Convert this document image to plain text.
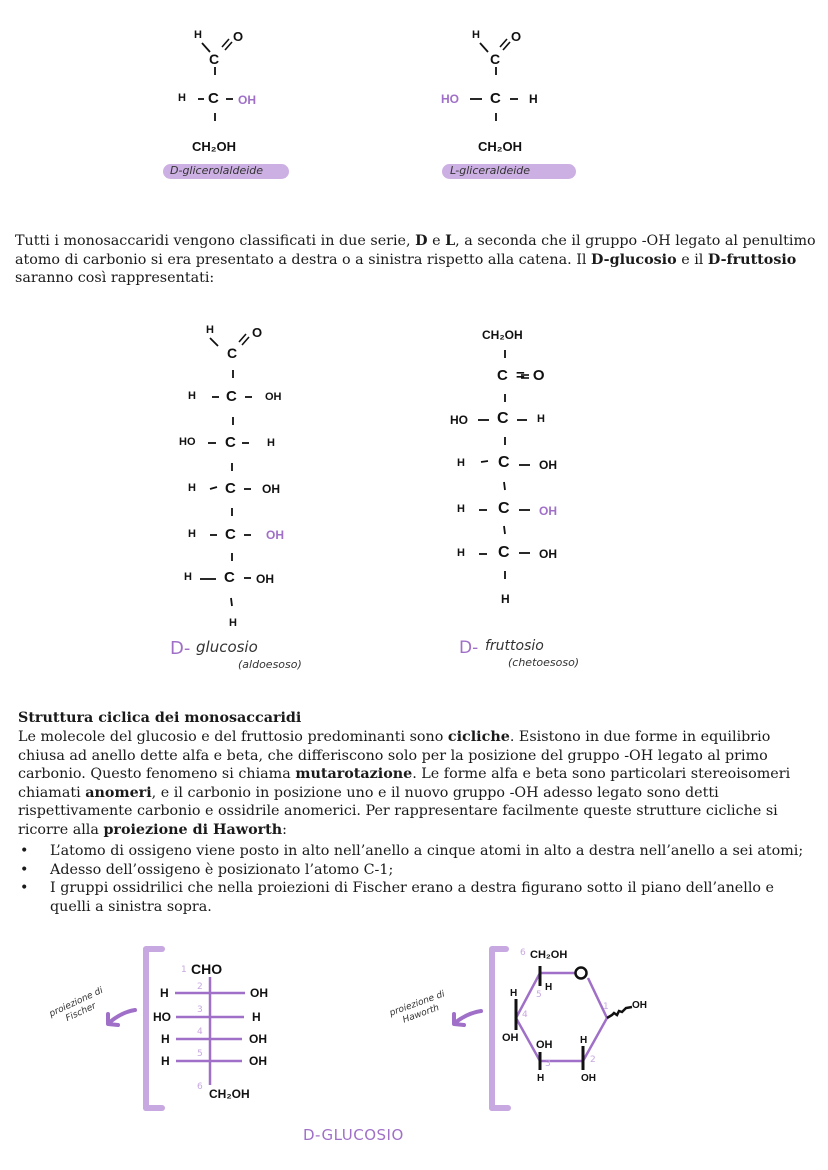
H O
C
H C OH
CH₂OH
D-glicerolaldeide
H O
C
HO C H
CH₂OH
L-gliceraldeide
Tutti i monosaccaridi vengono classificati in due serie, D e L, a seconda che il gruppo -OH legato al penultimo atomo di carbonio si era presentato a destra o a sinistra rispetto alla catena. Il D-glucosio e il D-fruttosio saranno così rappresentati:
H	O
C
H C	OH
HO C	H
H C OH
H C	OH
H C OH
H
D- glucosio
(aldoesoso)
CH₂OH
C = O
HO C	H
H C OH
H C OH
H C OH
H
D- fruttosio
(chetoesoso)
Struttura ciclica dei monosaccaridi
Le molecole del glucosio e del fruttosio predominanti sono cicliche. Esistono in due forme in equilibrio chiusa ad anello dette alfa e beta, che differiscono solo per la posizione del gruppo -OH legato al primo carbonio. Questo fenomeno si chiama mutarotazione. Le forme alfa e beta sono particolari stereoisomeri chiamati anomeri, e il carbonio in posizione uno e il nuovo gruppo -OH adesso legato sono detti rispettivamente carbonio e ossidrile anomerici. Per rappresentare facilmente queste strutture cicliche si ricorre alla proiezione di Haworth:
• L’atomo di ossigeno viene posto in alto nell’anello a cinque atomi in alto a destra nell’anello a sei atomi;
• Adesso dell’ossigeno è posizionato l’atomo C-1;
• I gruppi ossidrilici che nella proiezioni di Fischer erano a destra figurano sotto il piano dell’anello e quelli a sinistra sopra.
proiezione di Fischer
1 CHO
2
H	OH
3
HO	H
4
H	OH
5
H	OH
6 CH₂OH
proiezione di Haworth
6 CH₂OH
H
5
H
OH
4
OH
H
3
H
OH
2
1 OH
D-GLUCOSIO
